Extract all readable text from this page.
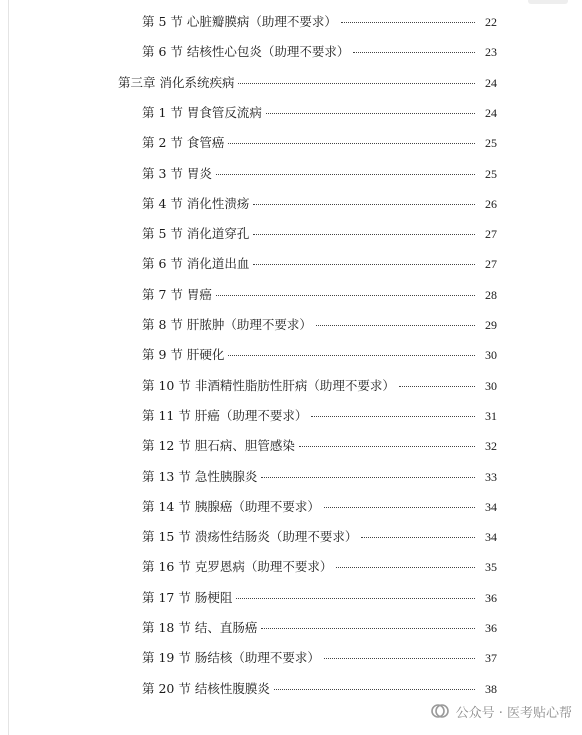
第 5 节 心脏瓣膜病（助理不要求）	22
第 6 节 结核性心包炎（助理不要求）	23
第三章 消化系统疾病	24
第 1 节 胃食管反流病	24
第 2 节 食管癌	25
第 3 节 胃炎	25
第 4 节 消化性溃疡	26
第 5 节 消化道穿孔	27
第 6 节 消化道出血	27
第 7 节 胃癌	28
第 8 节 肝脓肿（助理不要求）	29
第 9 节 肝硬化	30
第 10 节 非酒精性脂肪性肝病（助理不要求）	30
第 11 节 肝癌（助理不要求）	31
第 12 节 胆石病、胆管感染	32
第 13 节 急性胰腺炎	33
第 14 节 胰腺癌（助理不要求）	34
第 15 节 溃疡性结肠炎（助理不要求）	34
第 16 节 克罗恩病（助理不要求）	35
第 17 节 肠梗阻	36
第 18 节 结、直肠癌	36
第 19 节 肠结核（助理不要求）	37
第 20 节 结核性腹膜炎	38
公众号 · 医考贴心帮
